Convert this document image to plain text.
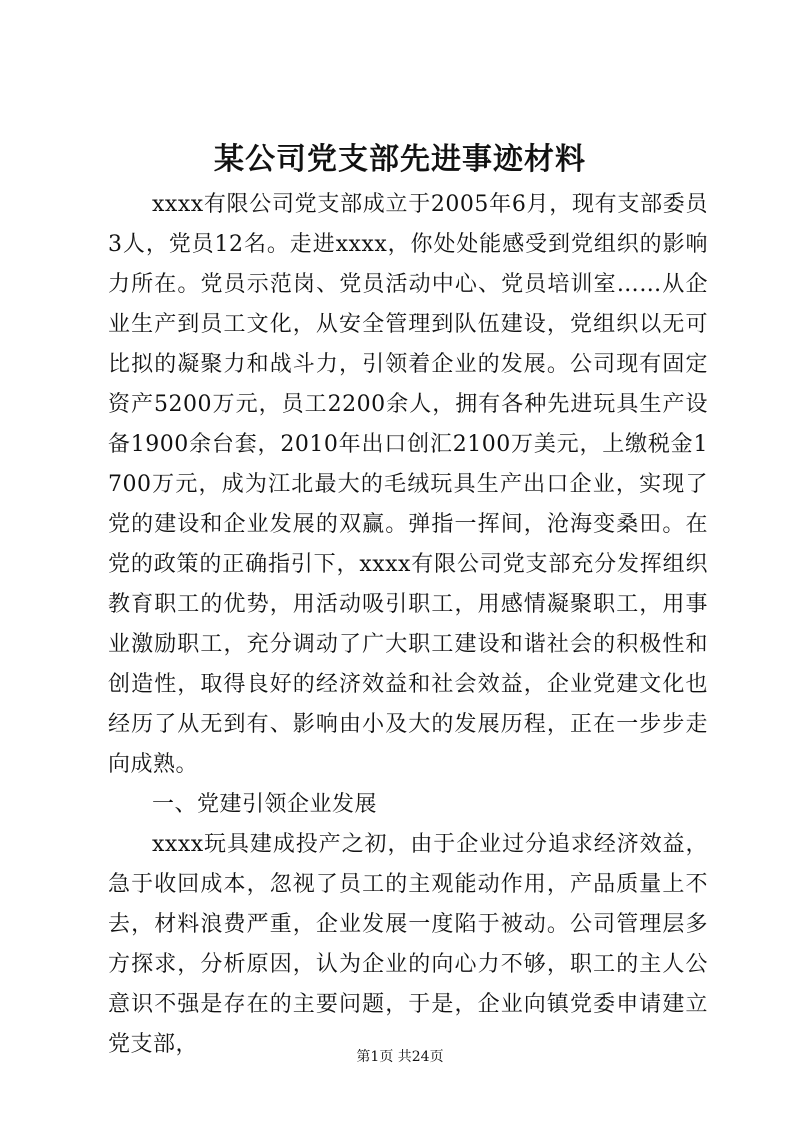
某公司党支部先进事迹材料

xxxx有限公司党支部成立于2005年6月，现有支部委员3人，党员12名。走进xxxx，你处处能感受到党组织的影响力所在。党员示范岗、党员活动中心、党员培训室……从企业生产到员工文化，从安全管理到队伍建设，党组织以无可比拟的凝聚力和战斗力，引领着企业的发展。公司现有固定资产5200万元，员工2200余人，拥有各种先进玩具生产设备1900余台套，2010年出口创汇2100万美元，上缴税金1700万元，成为江北最大的毛绒玩具生产出口企业，实现了党的建设和企业发展的双赢。弹指一挥间，沧海变桑田。在党的政策的正确指引下，xxxx有限公司党支部充分发挥组织教育职工的优势，用活动吸引职工，用感情凝聚职工，用事业激励职工，充分调动了广大职工建设和谐社会的积极性和创造性，取得良好的经济效益和社会效益，企业党建文化也经历了从无到有、影响由小及大的发展历程，正在一步步走向成熟。

一、党建引领企业发展

xxxx玩具建成投产之初，由于企业过分追求经济效益，急于收回成本，忽视了员工的主观能动作用，产品质量上不去，材料浪费严重，企业发展一度陷于被动。公司管理层多方探求，分析原因，认为企业的向心力不够，职工的主人公意识不强是存在的主要问题，于是，企业向镇党委申请建立党支部，	第1页 共24页
